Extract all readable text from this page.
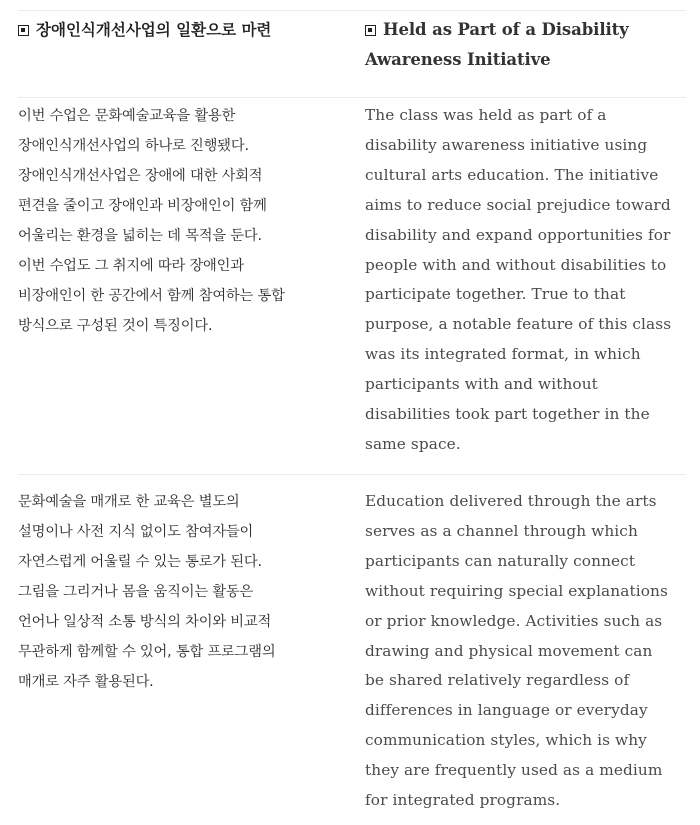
장애인식개선사업의 일환으로 마련	Held as Part of a Disability
Awareness Initiative

이번 수업은 문화예술교육을 활용한
장애인식개선사업의 하나로 진행됐다.
장애인식개선사업은 장애에 대한 사회적
편견을 줄이고 장애인과 비장애인이 함께
어울리는 환경을 넓히는 데 목적을 둔다.
이번 수업도 그 취지에 따라 장애인과
비장애인이 한 공간에서 함께 참여하는 통합
방식으로 구성된 것이 특징이다.

The class was held as part of a
disability awareness initiative using
cultural arts education. The initiative
aims to reduce social prejudice toward
disability and expand opportunities for
people with and without disabilities to
participate together. True to that
purpose, a notable feature of this class
was its integrated format, in which
participants with and without
disabilities took part together in the
same space.

문화예술을 매개로 한 교육은 별도의
설명이나 사전 지식 없이도 참여자들이
자연스럽게 어울릴 수 있는 통로가 된다.
그림을 그리거나 몸을 움직이는 활동은
언어나 일상적 소통 방식의 차이와 비교적
무관하게 함께할 수 있어, 통합 프로그램의
매개로 자주 활용된다.

Education delivered through the arts
serves as a channel through which
participants can naturally connect
without requiring special explanations
or prior knowledge. Activities such as
drawing and physical movement can
be shared relatively regardless of
differences in language or everyday
communication styles, which is why
they are frequently used as a medium
for integrated programs.
